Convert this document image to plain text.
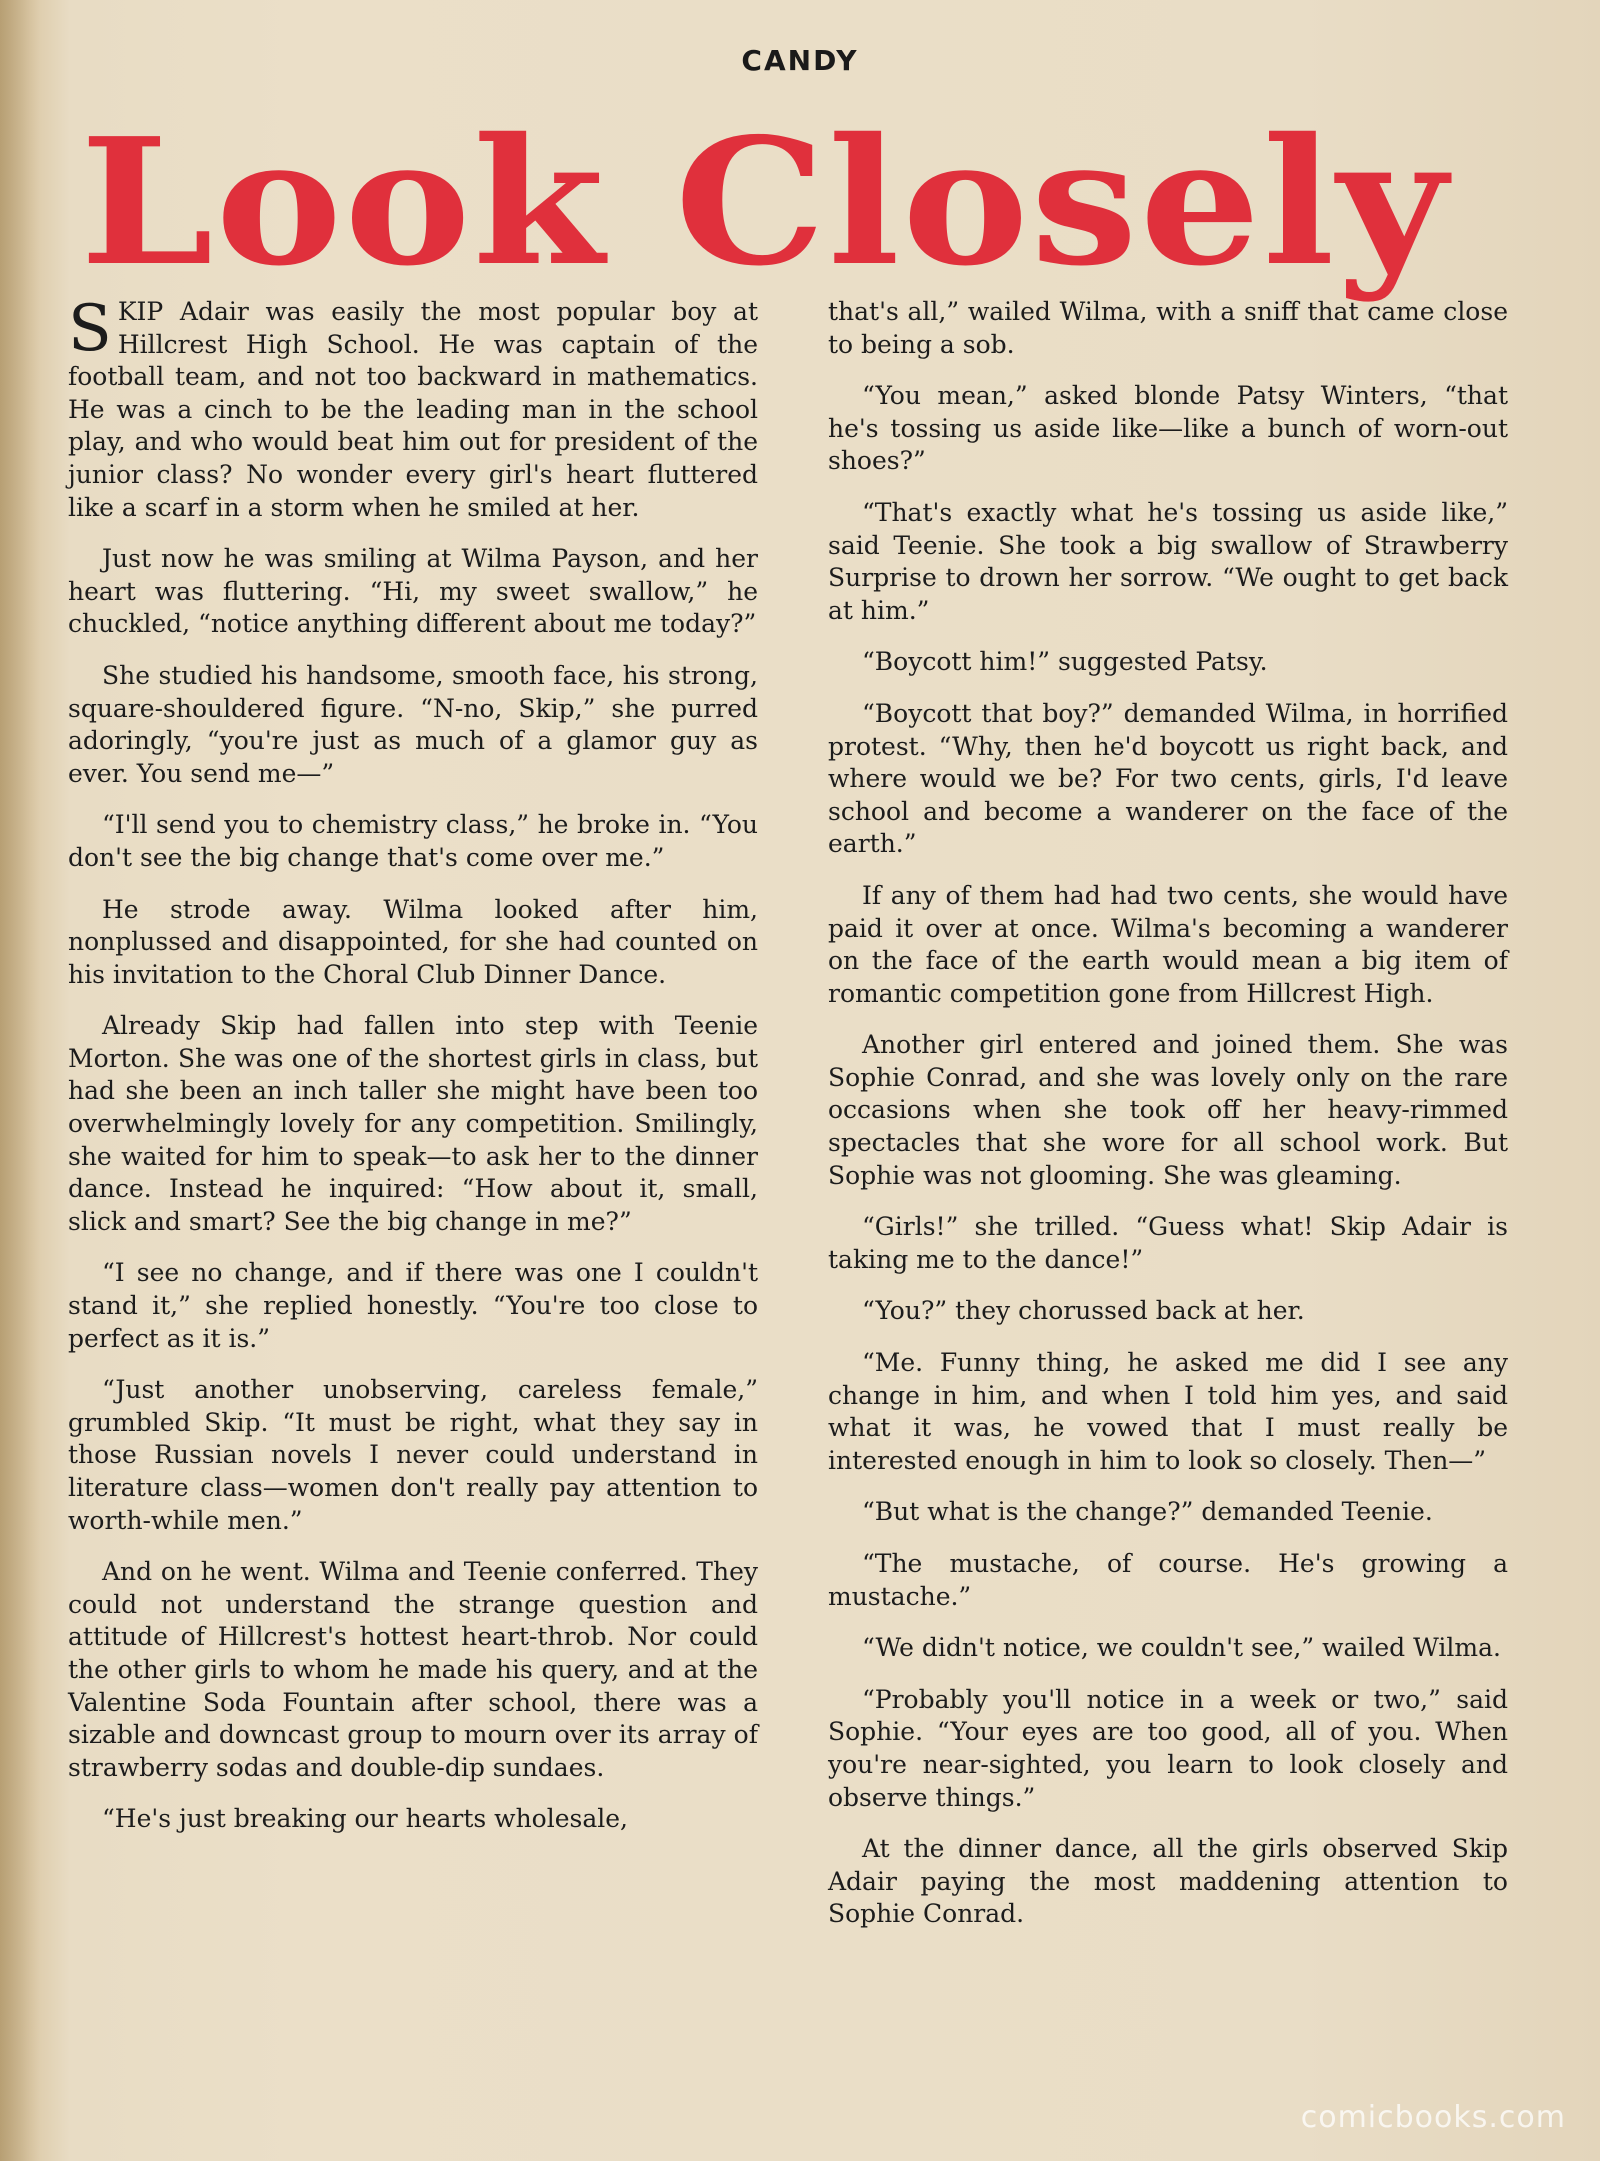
CANDY
Look Closely

SKIP Adair was easily the most popular boy at Hillcrest High School. He was captain of the football team, and not too backward in mathematics. He was a cinch to be the leading man in the school play, and who would beat him out for president of the junior class? No wonder every girl's heart fluttered like a scarf in a storm when he smiled at her.

Just now he was smiling at Wilma Payson, and her heart was fluttering. “Hi, my sweet swallow,” he chuckled, “notice anything different about me today?”

She studied his handsome, smooth face, his strong, square-shouldered figure. “N-no, Skip,” she purred adoringly, “you're just as much of a glamor guy as ever. You send me—”

“I'll send you to chemistry class,” he broke in. “You don't see the big change that's come over me.”

He strode away. Wilma looked after him, nonplussed and disappointed, for she had counted on his invitation to the Choral Club Dinner Dance.

Already Skip had fallen into step with Teenie Morton. She was one of the shortest girls in class, but had she been an inch taller she might have been too overwhelmingly lovely for any competition. Smilingly, she waited for him to speak—to ask her to the dinner dance. Instead he inquired: “How about it, small, slick and smart? See the big change in me?”

“I see no change, and if there was one I couldn't stand it,” she replied honestly. “You're too close to perfect as it is.”

“Just another unobserving, careless female,” grumbled Skip. “It must be right, what they say in those Russian novels I never could understand in literature class—women don't really pay attention to worth-while men.”

And on he went. Wilma and Teenie conferred. They could not understand the strange question and attitude of Hillcrest's hottest heart-throb. Nor could the other girls to whom he made his query, and at the Valentine Soda Fountain after school, there was a sizable and downcast group to mourn over its array of strawberry sodas and double-dip sundaes.

“He's just breaking our hearts wholesale,

that's all,” wailed Wilma, with a sniff that came close to being a sob.

“You mean,” asked blonde Patsy Winters, “that he's tossing us aside like—like a bunch of worn-out shoes?”

“That's exactly what he's tossing us aside like,” said Teenie. She took a big swallow of Strawberry Surprise to drown her sorrow. “We ought to get back at him.”

“Boycott him!” suggested Patsy.

“Boycott that boy?” demanded Wilma, in horrified protest. “Why, then he'd boycott us right back, and where would we be? For two cents, girls, I'd leave school and become a wanderer on the face of the earth.”

If any of them had had two cents, she would have paid it over at once. Wilma's becoming a wanderer on the face of the earth would mean a big item of romantic competition gone from Hillcrest High.

Another girl entered and joined them. She was Sophie Conrad, and she was lovely only on the rare occasions when she took off her heavy-rimmed spectacles that she wore for all school work. But Sophie was not glooming. She was gleaming.

“Girls!” she trilled. “Guess what! Skip Adair is taking me to the dance!”

“You?” they chorussed back at her.

“Me. Funny thing, he asked me did I see any change in him, and when I told him yes, and said what it was, he vowed that I must really be interested enough in him to look so closely. Then—”

“But what is the change?” demanded Teenie.

“The mustache, of course. He's growing a mustache.”

“We didn't notice, we couldn't see,” wailed Wilma.

“Probably you'll notice in a week or two,” said Sophie. “Your eyes are too good, all of you. When you're near-sighted, you learn to look closely and observe things.”

At the dinner dance, all the girls observed Skip Adair paying the most maddening attention to Sophie Conrad.

comicbooks.com
